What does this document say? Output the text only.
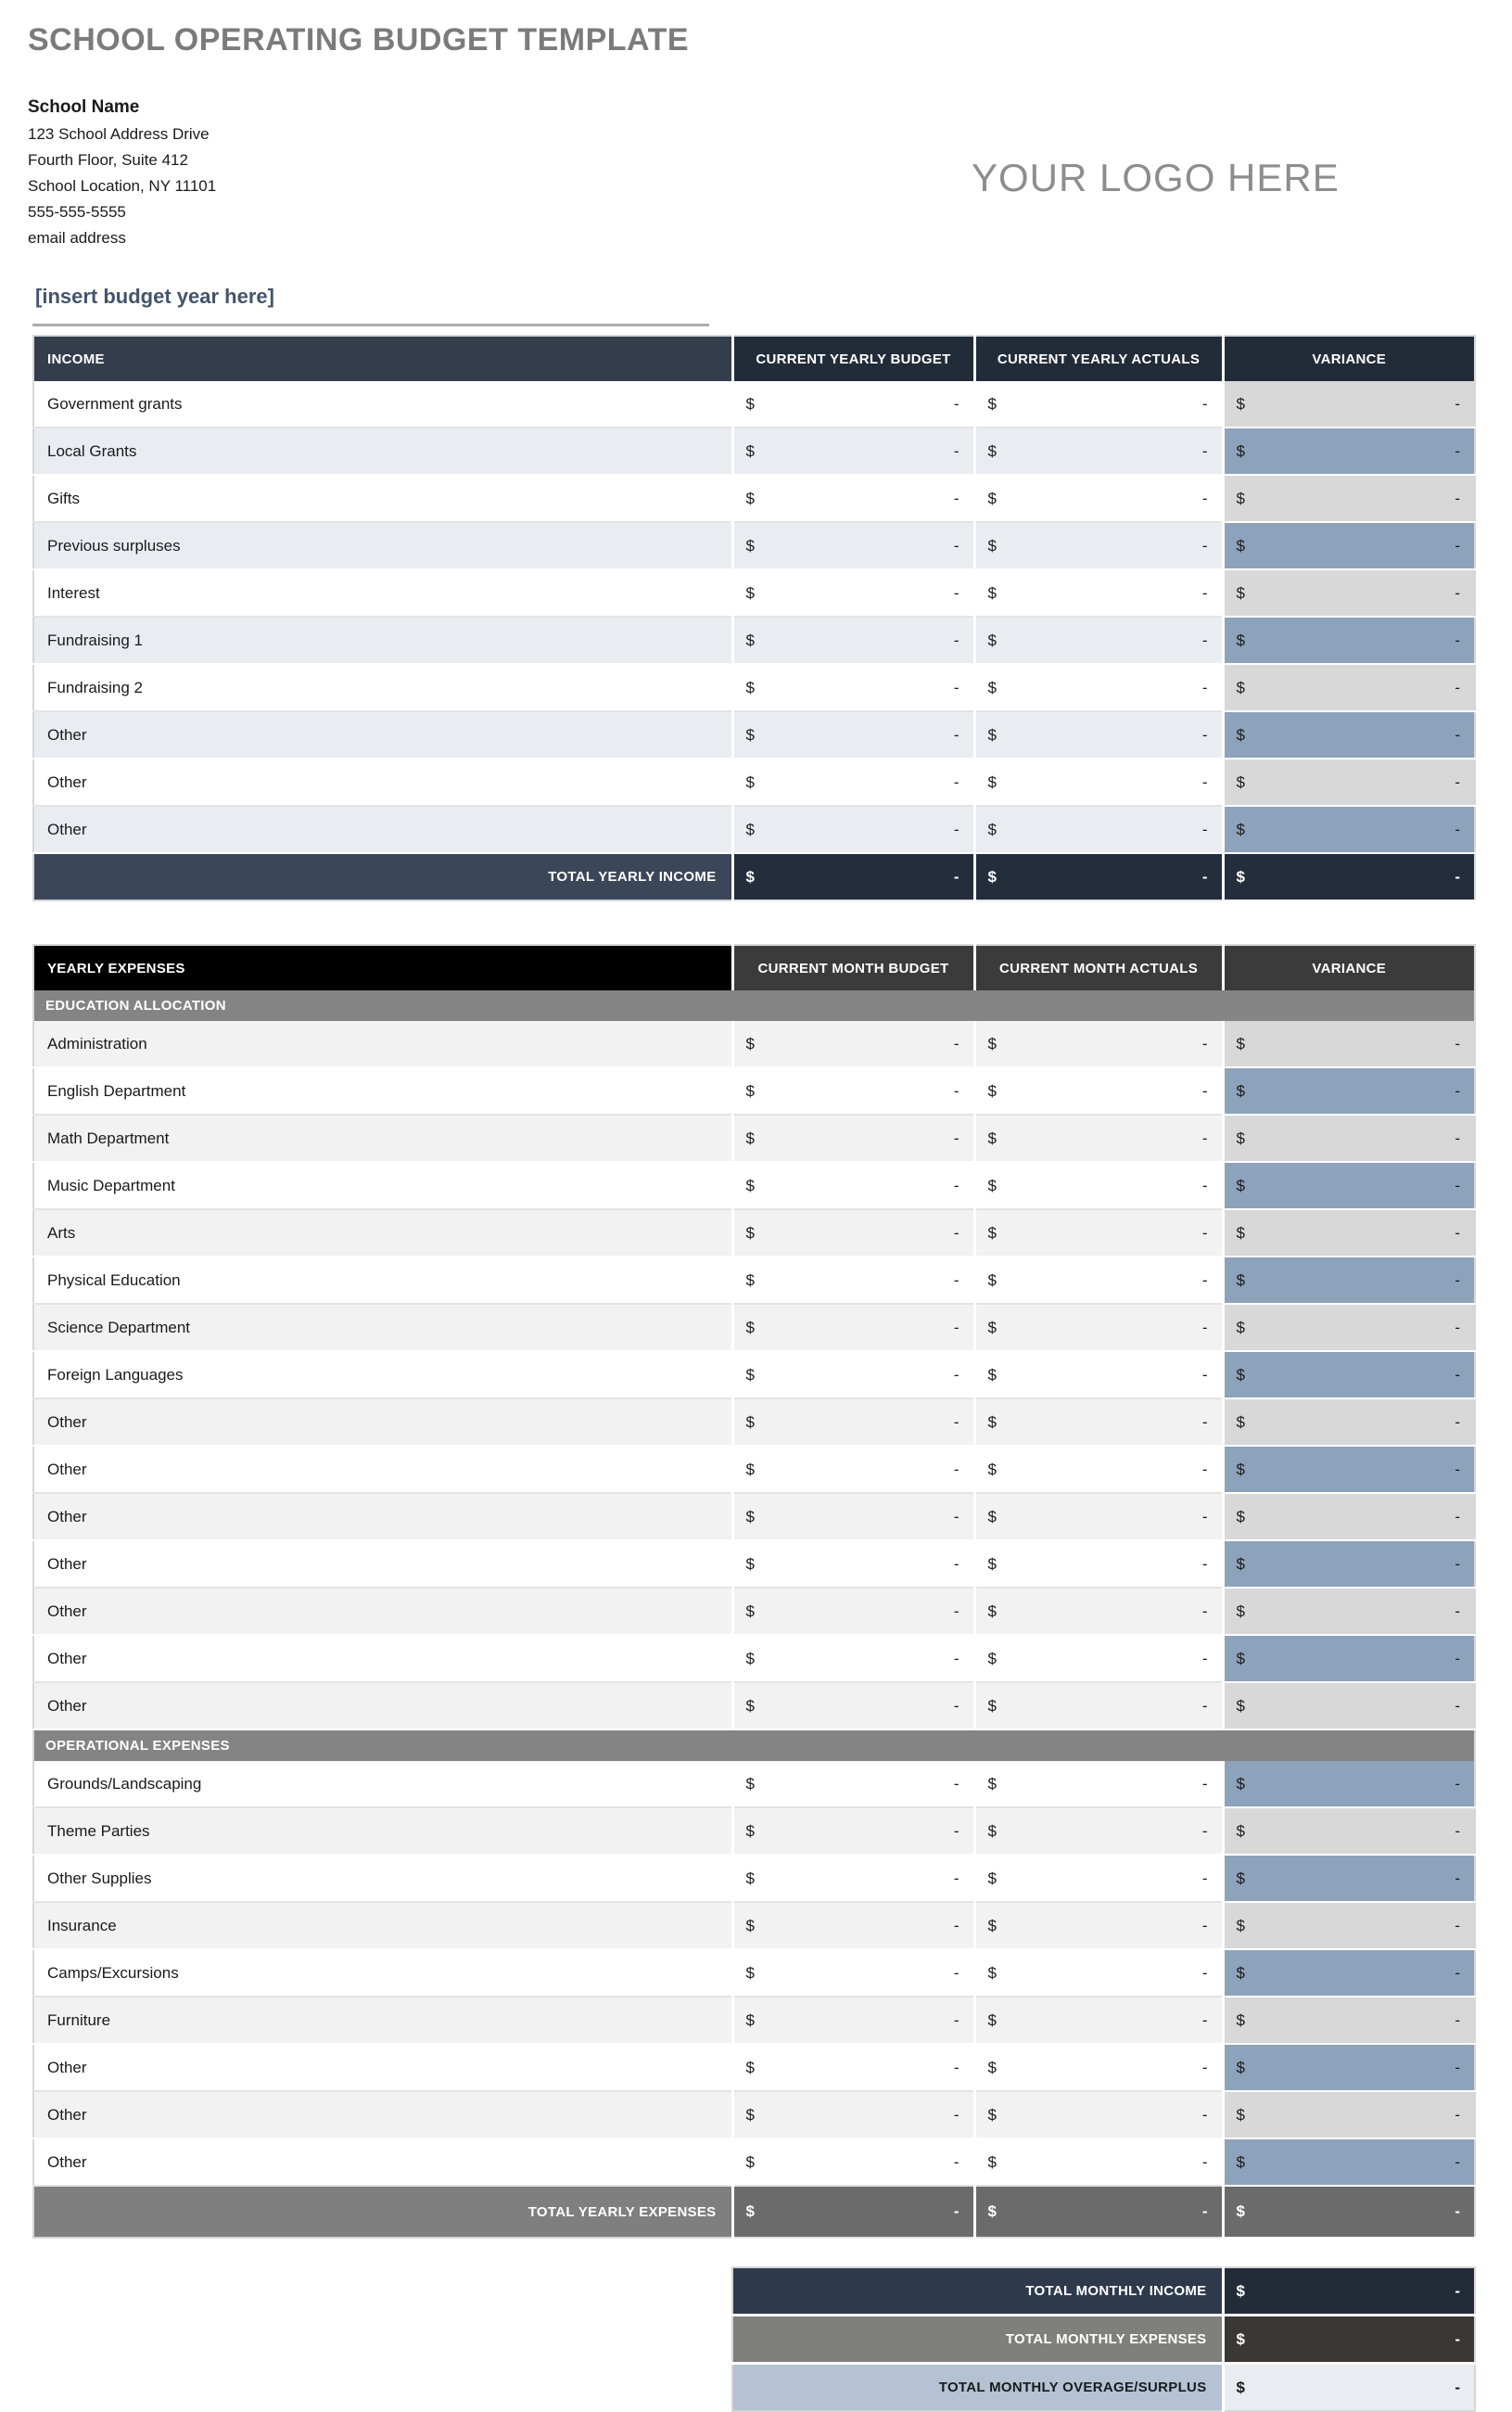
SCHOOL OPERATING BUDGET TEMPLATE
School Name
123 School Address Drive
Fourth Floor, Suite 412
School Location, NY 11101
555-555-5555
email address
YOUR LOGO HERE
[insert budget year here]
INCOME	CURRENT YEARLY BUDGET	CURRENT YEARLY ACTUALS	VARIANCE
Government grants	$ -	$ -	$ -

Local Grants	$ -	$ -	$ -

Gifts	$ -	$ -	$ -

Previous surpluses	$ -	$ -	$ -

Interest	$ -	$ -	$ -

Fundraising 1	$ -	$ -	$ -

Fundraising 2	$ -	$ -	$ -

Other	$ -	$ -	$ -

Other	$ -	$ -	$ -

Other	$ -	$ -	$ -

TOTAL YEARLY INCOME	$ -	$ -	$ -
YEARLY EXPENSES	CURRENT MONTH BUDGET	CURRENT MONTH ACTUALS	VARIANCE
EDUCATION ALLOCATION			
Administration	$ -	$ -	$ -

English Department	$ -	$ -	$ -

Math Department	$ -	$ -	$ -

Music Department	$ -	$ -	$ -

Arts	$ -	$ -	$ -

Physical Education	$ -	$ -	$ -

Science Department	$ -	$ -	$ -

Foreign Languages	$ -	$ -	$ -

Other	$ -	$ -	$ -

Other	$ -	$ -	$ -

Other	$ -	$ -	$ -

Other	$ -	$ -	$ -

Other	$ -	$ -	$ -

Other	$ -	$ -	$ -

Other	$ -	$ -	$ -

OPERATIONAL EXPENSES			
Grounds/Landscaping	$ -	$ -	$ -

Theme Parties	$ -	$ -	$ -

Other Supplies	$ -	$ -	$ -

Insurance	$ -	$ -	$ -

Camps/Excursions	$ -	$ -	$ -

Furniture	$ -	$ -	$ -

Other	$ -	$ -	$ -

Other	$ -	$ -	$ -

Other	$ -	$ -	$ -

TOTAL YEARLY EXPENSES	$ -	$ -	$ -
TOTAL MONTHLY INCOME	$ -

TOTAL MONTHLY EXPENSES	$ -

TOTAL MONTHLY OVERAGE/SURPLUS	$ -
